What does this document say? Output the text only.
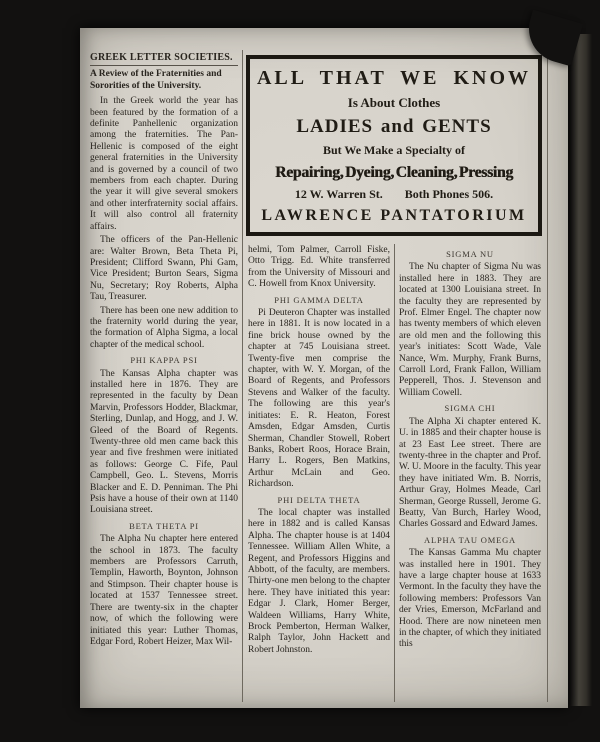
GREEK LETTER SOCIETIES.
A Review of the Fraternities and Sororities of the University.

In the Greek world the year has been featured by the formation of a definite Panhellenic organization among the fraternities. The Pan-Hellenic is composed of the eight general fraternities in the University and is governed by a council of two members from each chapter. During the year it will give several smokers and other interfraternity social affairs. It will also control all fraternity affairs.

The officers of the Pan-Hellenic are: Walter Brown, Beta Theta Pi, President; Clifford Swann, Phi Gam, Vice President; Burton Sears, Sigma Nu, Secretary; Roy Roberts, Alpha Tau, Treasurer.

There has been one new addition to the fraternity world during the year, the formation of Alpha Sigma, a local chapter of the medical school.

PHI KAPPA PSI

The Kansas Alpha chapter was installed here in 1876. They are represented in the faculty by Dean Marvin, Professors Hodder, Blackmar, Sterling, Dunlap, and Hogg, and J. W. Gleed of the Board of Regents. Twenty-three old men came back this year and five freshmen were initiated as follows: George C. Fife, Paul Campbell, Geo. L. Stevens, Morris Blacker and E. D. Penniman. The Phi Psis have a house of their own at 1140 Louisiana street.

BETA THETA PI

The Alpha Nu chapter here entered the school in 1873. The faculty members are Professors Carruth, Templin, Haworth, Boynton, Johnson and Stimpson. Their chapter house is located at 1537 Tennessee street. There are twenty-six in the chapter now, of which the following were initiated this year: Luther Thomas, Edgar Ford, Robert Heizer, Max Wil-

ALL THAT WE KNOW
Is About Clothes
LADIES and GENTS
But We Make a Specialty of
Repairing, Dyeing, Cleaning, Pressing
12 W. Warren St. Both Phones 506.
LAWRENCE PANTATORIUM

helmi, Tom Palmer, Carroll Fiske, Otto Trigg. Ed. White transferred from the University of Missouri and C. Howell from Knox University.

PHI GAMMA DELTA

Pi Deuteron Chapter was installed here in 1881. It is now located in a fine brick house owned by the chapter at 745 Louisiana street. Twenty-five men comprise the chapter, with W. Y. Morgan, of the Board of Regents, and Professors Stevens and Walker of the faculty. The following are this year's initiates: E. R. Heaton, Forest Amsden, Edgar Amsden, Curtis Sherman, Chandler Stowell, Robert Banks, Robert Roos, Horace Brain, Harry L. Rogers, Ben Matkins, Arthur McLain and Geo. Richardson.

PHI DELTA THETA

The local chapter was installed here in 1882 and is called Kansas Alpha. The chapter house is at 1404 Tennessee. William Allen White, a Regent, and Professors Higgins and Abbott, of the faculty, are members. Thirty-one men belong to the chapter here. They have initiated this year: Edgar J. Clark, Homer Berger, Waldeen Williams, Harry White, Brock Pemberton, Herman Walker, Ralph Taylor, John Hackett and Robert Johnston.

SIGMA NU

The Nu chapter of Sigma Nu was installed here in 1883. They are located at 1300 Louisiana street. In the faculty they are represented by Prof. Elmer Engel. The chapter now has twenty members of which eleven are old men and the following this year's initiates: Scott Wade, Vale Nance, Wm. Murphy, Frank Burns, Carroll Lord, Frank Fallon, William Pepperell, Thos. J. Stevenson and William Cowell.

SIGMA CHI

The Alpha Xi chapter entered K. U. in 1885 and their chapter house is at 23 East Lee street. There are twenty-three in the chapter and Prof. W. U. Moore in the faculty. This year they have initiated Wm. B. Norris, Arthur Gray, Holmes Meade, Carl Sherman, George Russell, Jerome G. Beatty, Van Burch, Harley Wood, Charles Gossard and Edward James.

ALPHA TAU OMEGA

The Kansas Gamma Mu chapter was installed here in 1901. They have a large chapter house at 1633 Vermont. In the faculty they have the following members: Professors Van der Vries, Emerson, McFarland and Hood. There are now nineteen men in the chapter, of which they initiated this
